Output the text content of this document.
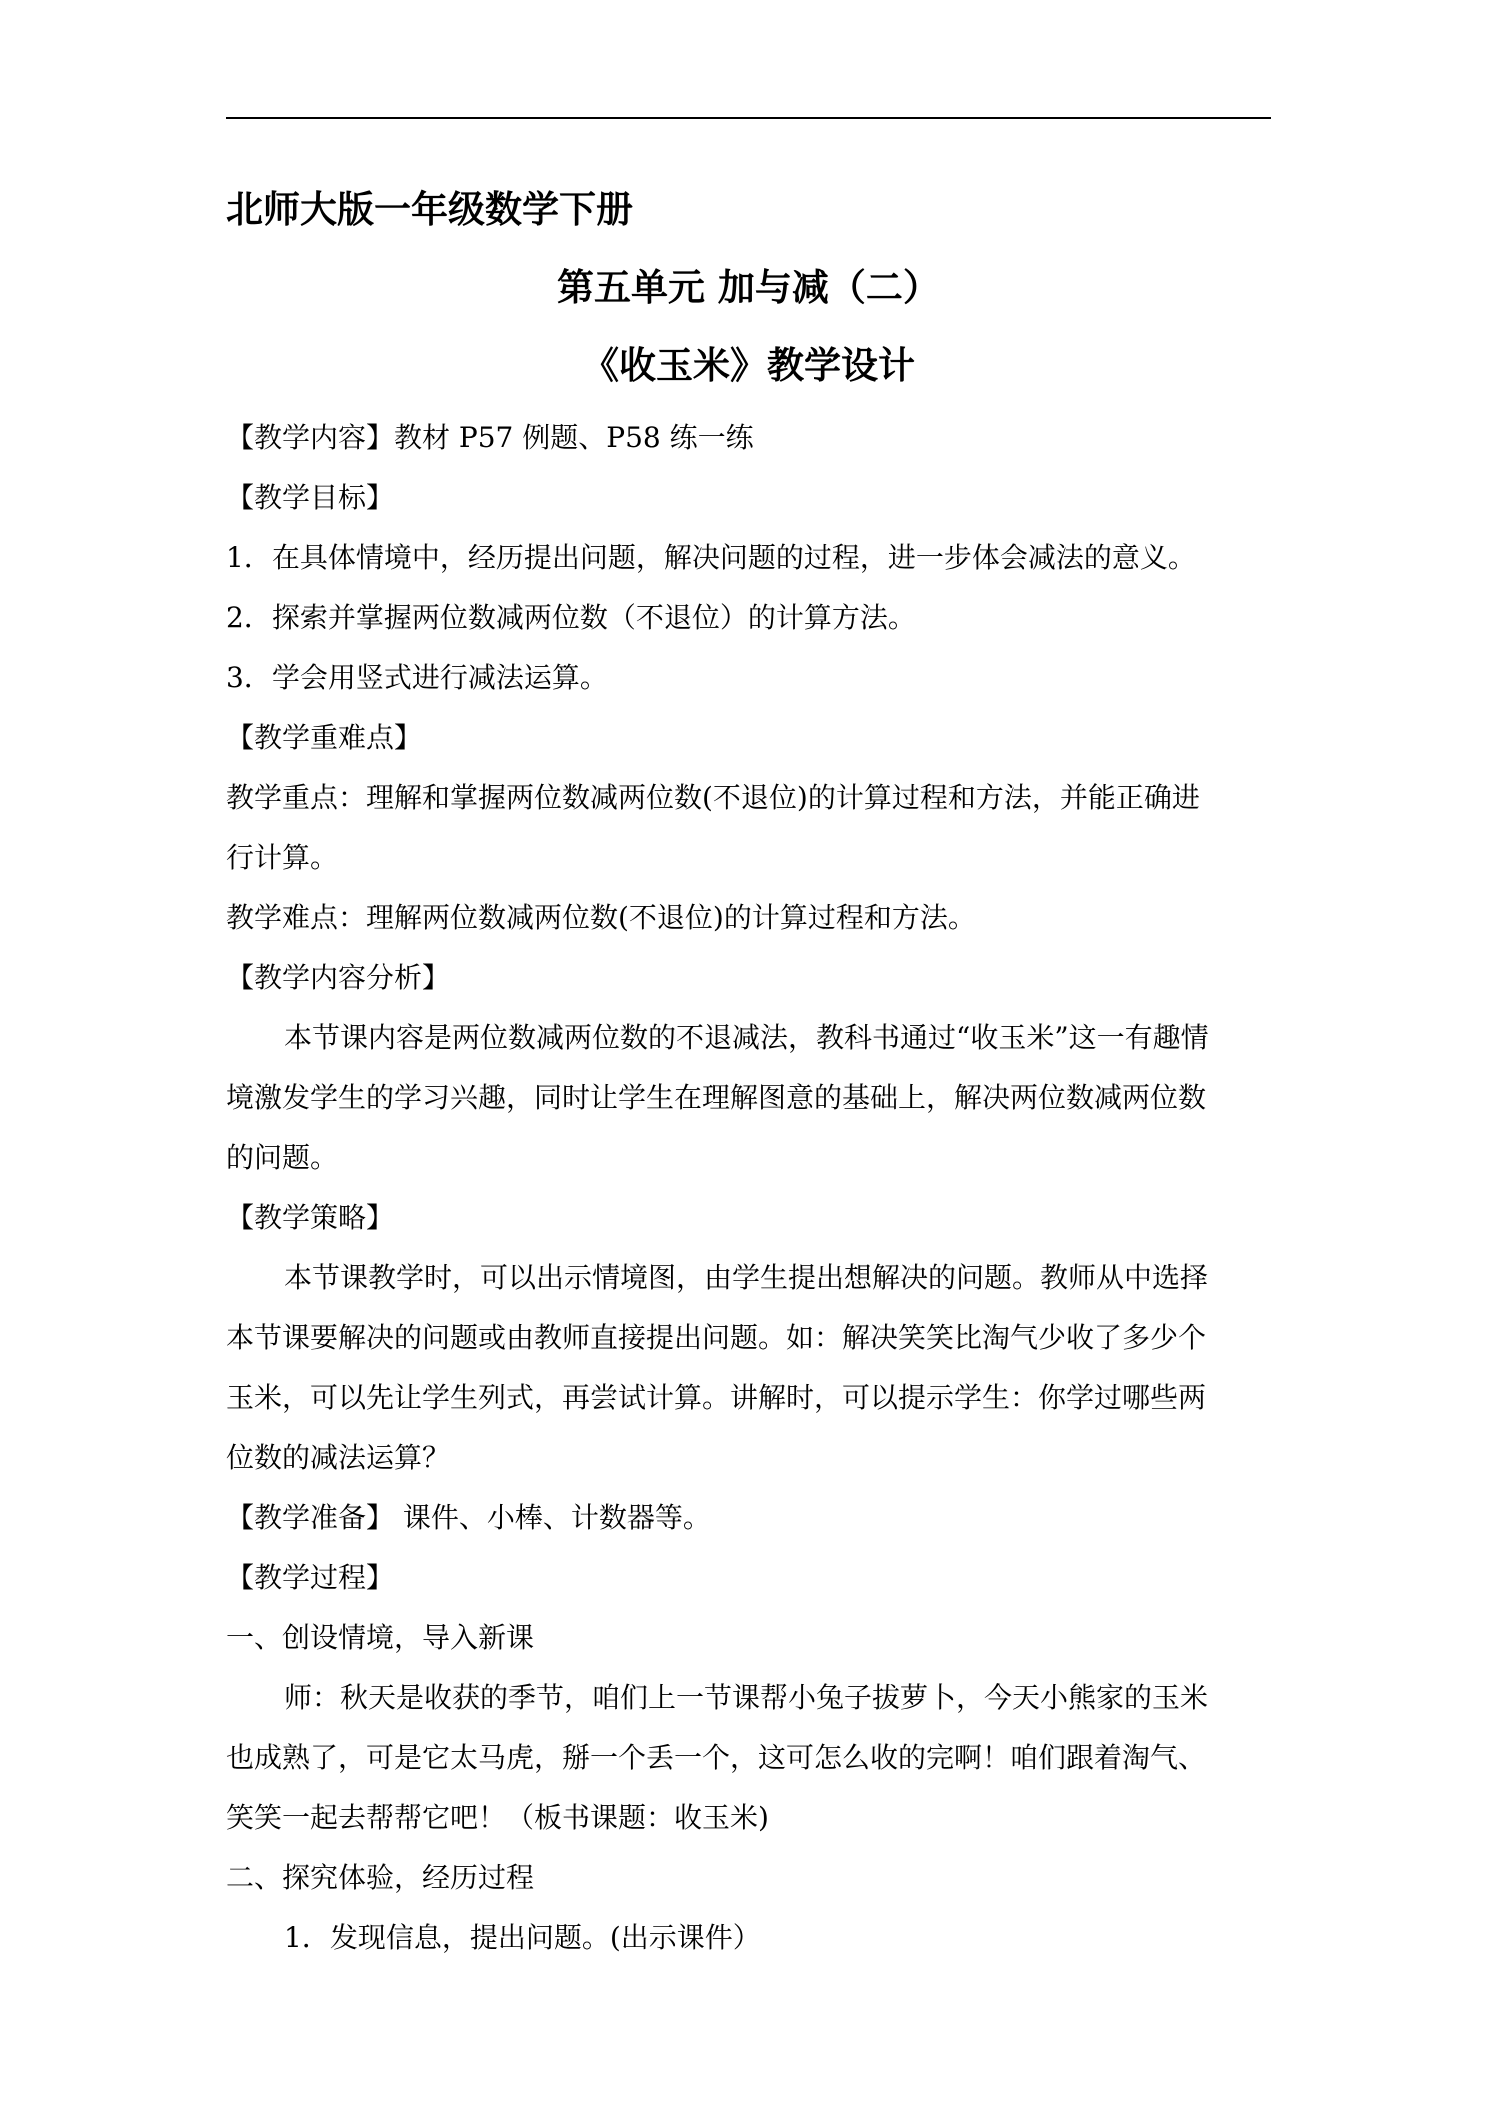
北师大版一年级数学下册
第五单元 加与减（二）
《收玉米》教学设计
【教学内容】教材 P57 例题、P58 练一练
【教学目标】
1．在具体情境中，经历提出问题，解决问题的过程，进一步体会减法的意义。
2．探索并掌握两位数减两位数（不退位）的计算方法。
3．学会用竖式进行减法运算。
【教学重难点】
教学重点：理解和掌握两位数减两位数(不退位)的计算过程和方法，并能正确进
行计算。
教学难点：理解两位数减两位数(不退位)的计算过程和方法。
【教学内容分析】
本节课内容是两位数减两位数的不退减法，教科书通过“收玉米”这一有趣情
境激发学生的学习兴趣，同时让学生在理解图意的基础上，解决两位数减两位数
的问题。
【教学策略】
本节课教学时，可以出示情境图，由学生提出想解决的问题。教师从中选择
本节课要解决的问题或由教师直接提出问题。如：解决笑笑比淘气少收了多少个
玉米，可以先让学生列式，再尝试计算。讲解时，可以提示学生：你学过哪些两
位数的减法运算？
【教学准备】 课件、小棒、计数器等。
【教学过程】
一、创设情境，导入新课
师：秋天是收获的季节，咱们上一节课帮小兔子拔萝卜，今天小熊家的玉米
也成熟了，可是它太马虎，掰一个丢一个，这可怎么收的完啊！咱们跟着淘气、
笑笑一起去帮帮它吧！（板书课题：收玉米)
二、探究体验，经历过程
1．发现信息，提出问题。(出示课件）
